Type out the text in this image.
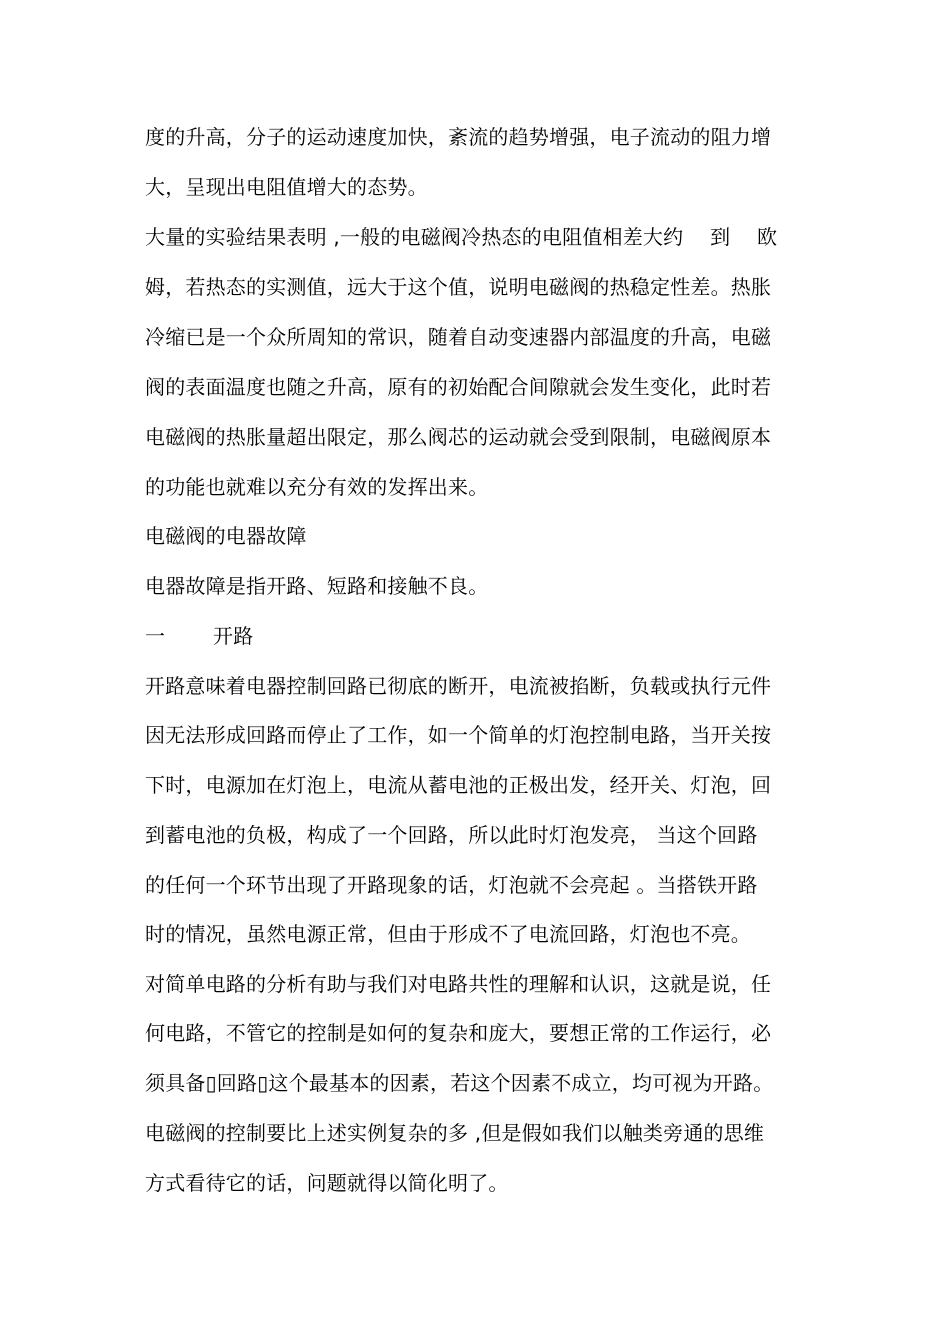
度的升高，分子的运动速度加快，紊流的趋势增强，电子流动的阻力增
大，呈现出电阻值增大的态势。
大量的实验结果表明 ,一般的电磁阀冷热态的电阻值相差大约　 到　 欧
姆，若热态的实测值，远大于这个值，说明电磁阀的热稳定性差。热胀
冷缩已是一个众所周知的常识，随着自动变速器内部温度的升高，电磁
阀的表面温度也随之升高，原有的初始配合间隙就会发生变化，此时若
电磁阀的热胀量超出限定，那么阀芯的运动就会受到限制，电磁阀原本
的功能也就难以充分有效的发挥出来。
电磁阀的电器故障
电器故障是指开路、短路和接触不良。
一 开路
开路意味着电器控制回路已彻底的断开，电流被掐断，负载或执行元件
因无法形成回路而停止了工作，如一个简单的灯泡控制电路，当开关按
下时，电源加在灯泡上，电流从蓄电池的正极出发，经开关、灯泡，回
到蓄电池的负极，构成了一个回路，所以此时灯泡发亮， 当这个回路
的任何一个环节出现了开路现象的话，灯泡就不会亮起 。当搭铁开路
时的情况，虽然电源正常，但由于形成不了电流回路，灯泡也不亮。
对简单电路的分析有助与我们对电路共性的理解和认识，这就是说，任
何电路，不管它的控制是如何的复杂和庞大，要想正常的工作运行，必
须具备▯回路▯这个最基本的因素，若这个因素不成立，均可视为开路。
电磁阀的控制要比上述实例复杂的多 ,但是假如我们以触类旁通的思维
方式看待它的话，问题就得以简化明了。
